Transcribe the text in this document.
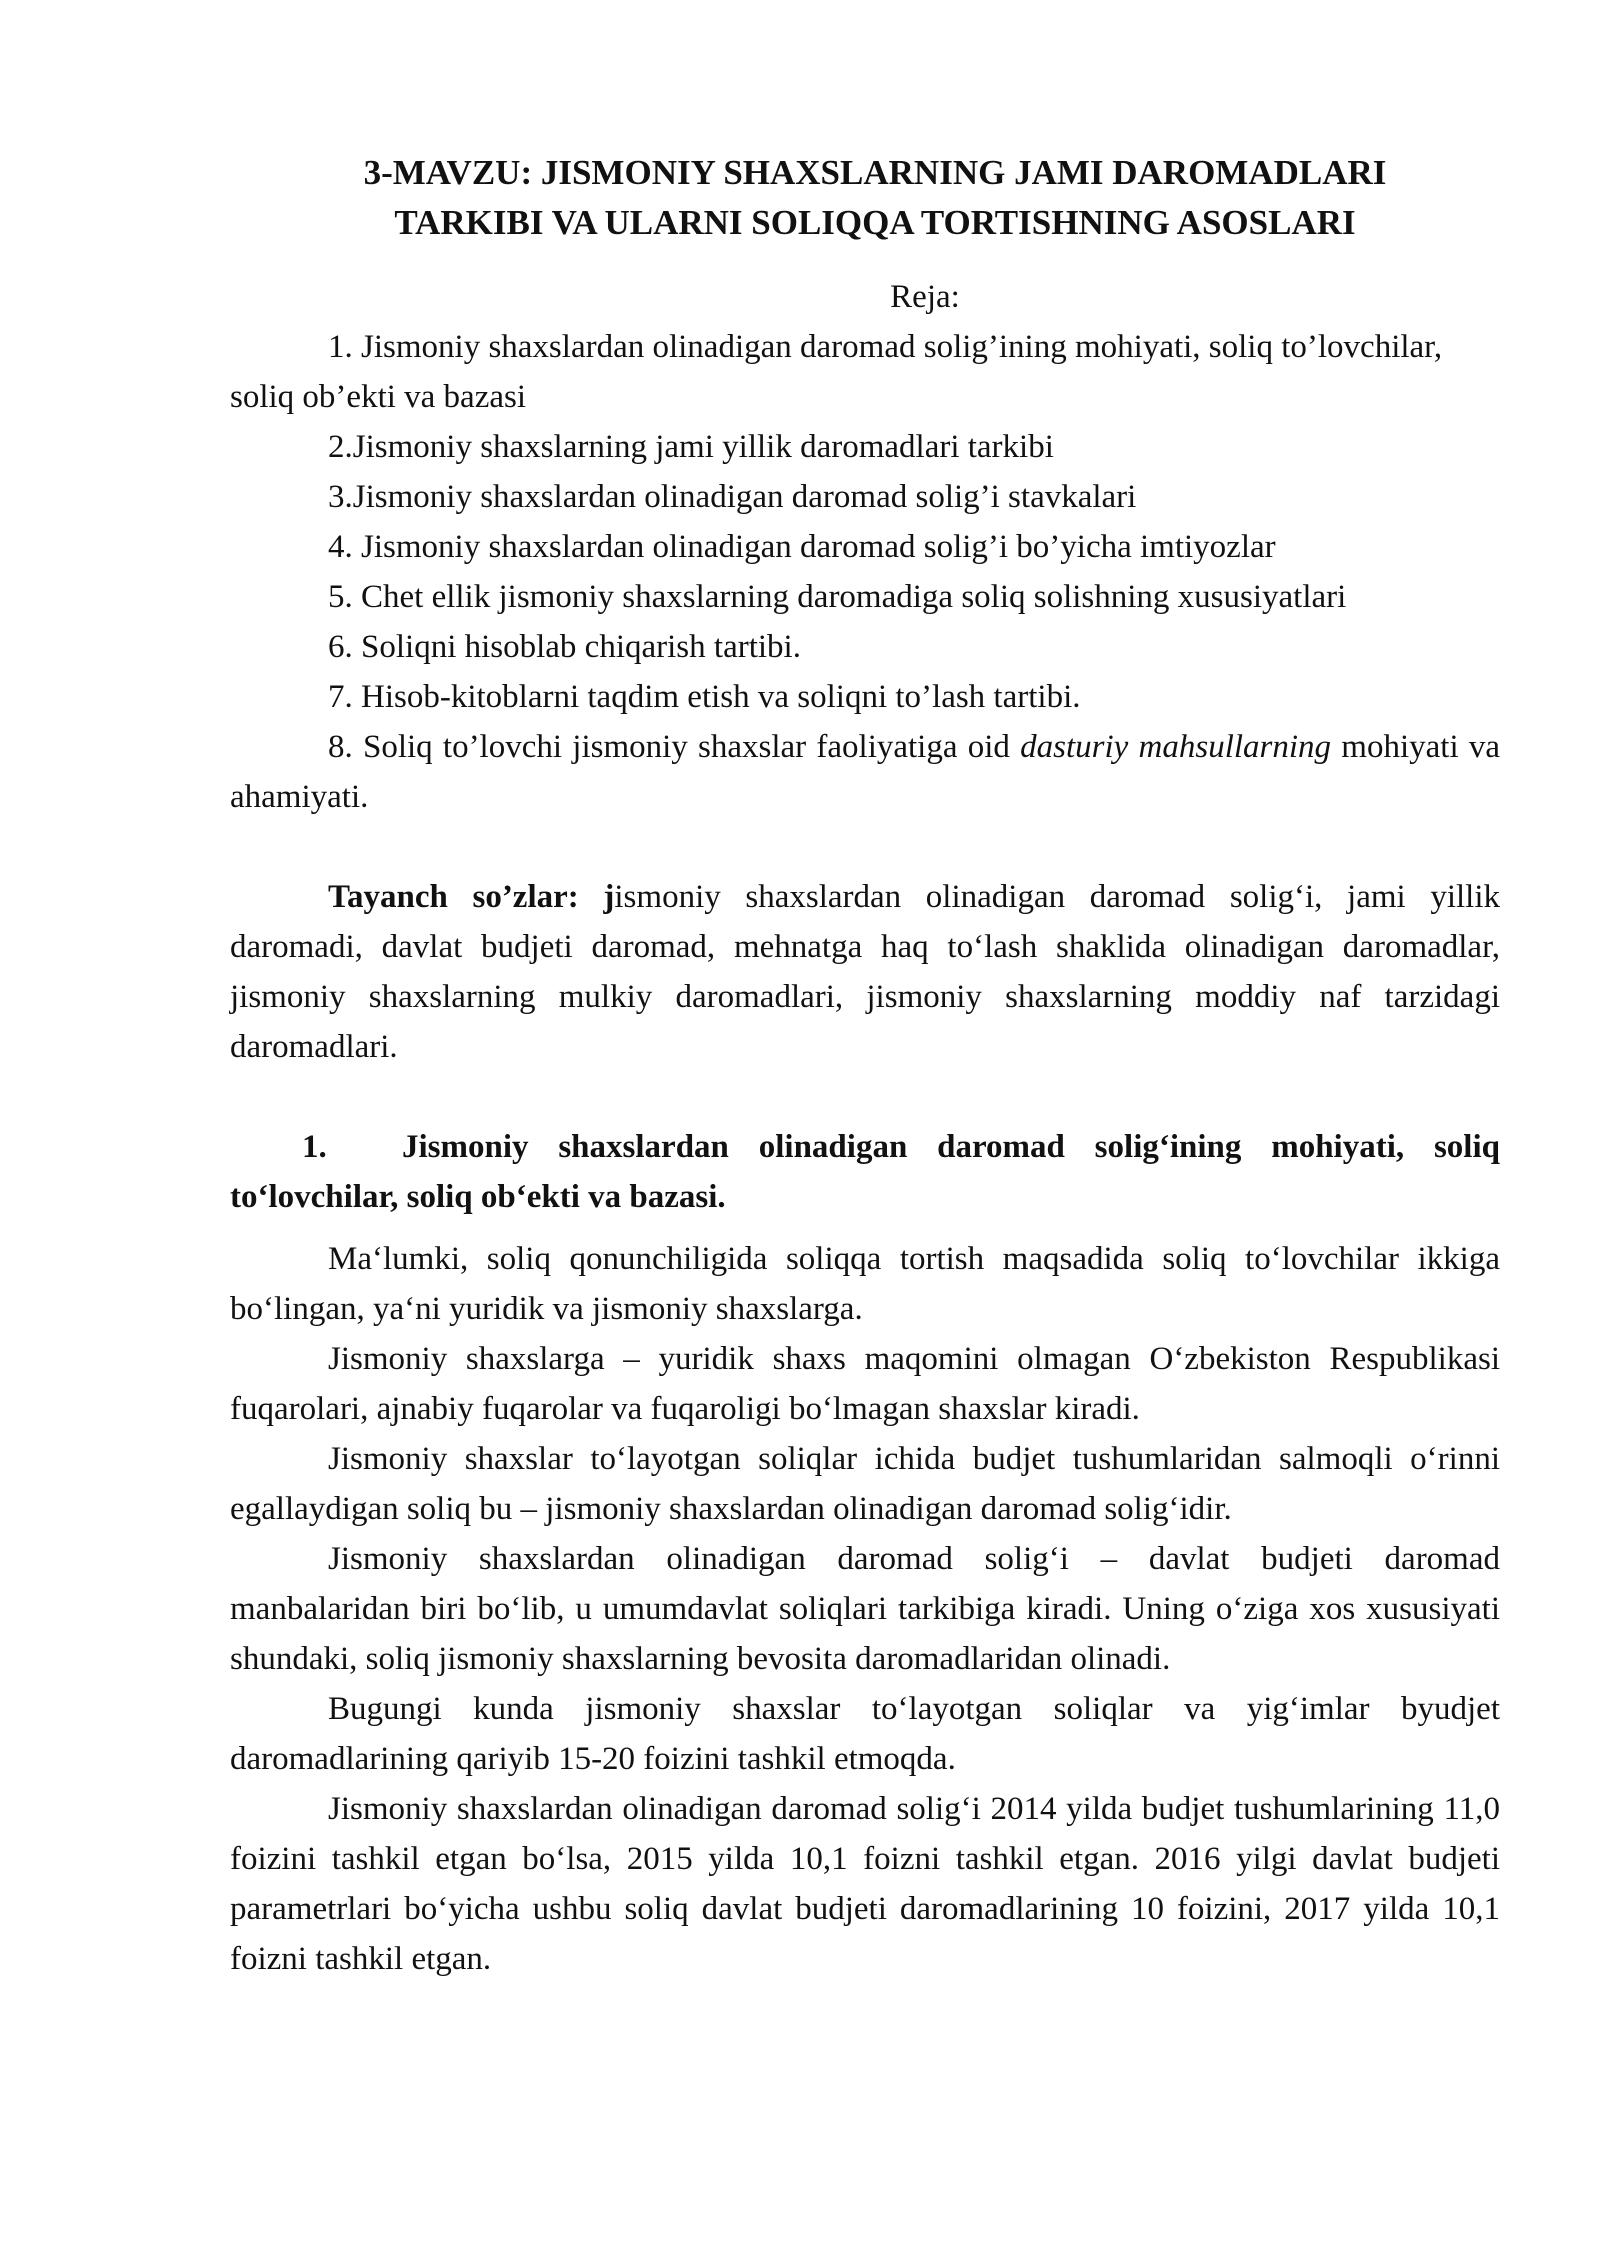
3-MAVZU: JISMONIY SHAXSLARNING JAMI DAROMADLARI
TARKIBI VA ULARNI SOLIQQA TORTISHNING ASOSLARI
Reja:

1. Jismoniy shaxslardan olinadigan daromad solig’ining mohiyati, soliq to’lovchilar, soliq ob’ekti va bazasi

2.Jismoniy shaxslarning jami yillik daromadlari tarkibi

3.Jismoniy shaxslardan olinadigan daromad solig’i stavkalari

4. Jismoniy shaxslardan olinadigan daromad solig’i bo’yicha imtiyozlar

5. Chet ellik jismoniy shaxslarning daromadiga soliq solishning xususiyatlari

6. Soliqni hisoblab chiqarish tartibi.

7. Hisob-kitoblarni taqdim etish va soliqni to’lash tartibi.

8. Soliq to’lovchi jismoniy shaxslar faoliyatiga oid dasturiy mahsullarning mohiyati va ahamiyati.

Tayanch so’zlar: jismoniy shaxslardan olinadigan daromad solig‘i, jami yillik daromadi, davlat budjeti daromad, mehnatga haq to‘lash shaklida olinadigan daromadlar, jismoniy shaxslarning mulkiy daromadlari, jismoniy shaxslarning moddiy naf tarzidagi daromadlari.

1. Jismoniy shaxslardan olinadigan daromad solig‘ining mohiyati, soliq to‘lovchilar, soliq ob‘ekti va bazasi.

Ma‘lumki, soliq qonunchiligida soliqqa tortish maqsadida soliq to‘lovchilar ikkiga bo‘lingan, ya‘ni yuridik va jismoniy shaxslarga.

Jismoniy shaxslarga – yuridik shaxs maqomini olmagan O‘zbekiston Respublikasi fuqarolari, ajnabiy fuqarolar va fuqaroligi bo‘lmagan shaxslar kiradi.

Jismoniy shaxslar to‘layotgan soliqlar ichida budjet tushumlaridan salmoqli o‘rinni egallaydigan soliq bu – jismoniy shaxslardan olinadigan daromad solig‘idir.

Jismoniy shaxslardan olinadigan daromad solig‘i – davlat budjeti daromad manbalaridan biri bo‘lib, u umumdavlat soliqlari tarkibiga kiradi. Uning o‘ziga xos xususiyati shundaki, soliq jismoniy shaxslarning bevosita daromadlaridan olinadi.

Bugungi kunda jismoniy shaxslar to‘layotgan soliqlar va yig‘imlar byudjet daromadlarining qariyib 15-20 foizini tashkil etmoqda.

Jismoniy shaxslardan olinadigan daromad solig‘i 2014 yilda budjet tushumlarining 11,0 foizini tashkil etgan bo‘lsa, 2015 yilda 10,1 foizni tashkil etgan. 2016 yilgi davlat budjeti parametrlari bo‘yicha ushbu soliq davlat budjeti daromadlarining 10 foizini, 2017 yilda 10,1 foizni tashkil etgan.
